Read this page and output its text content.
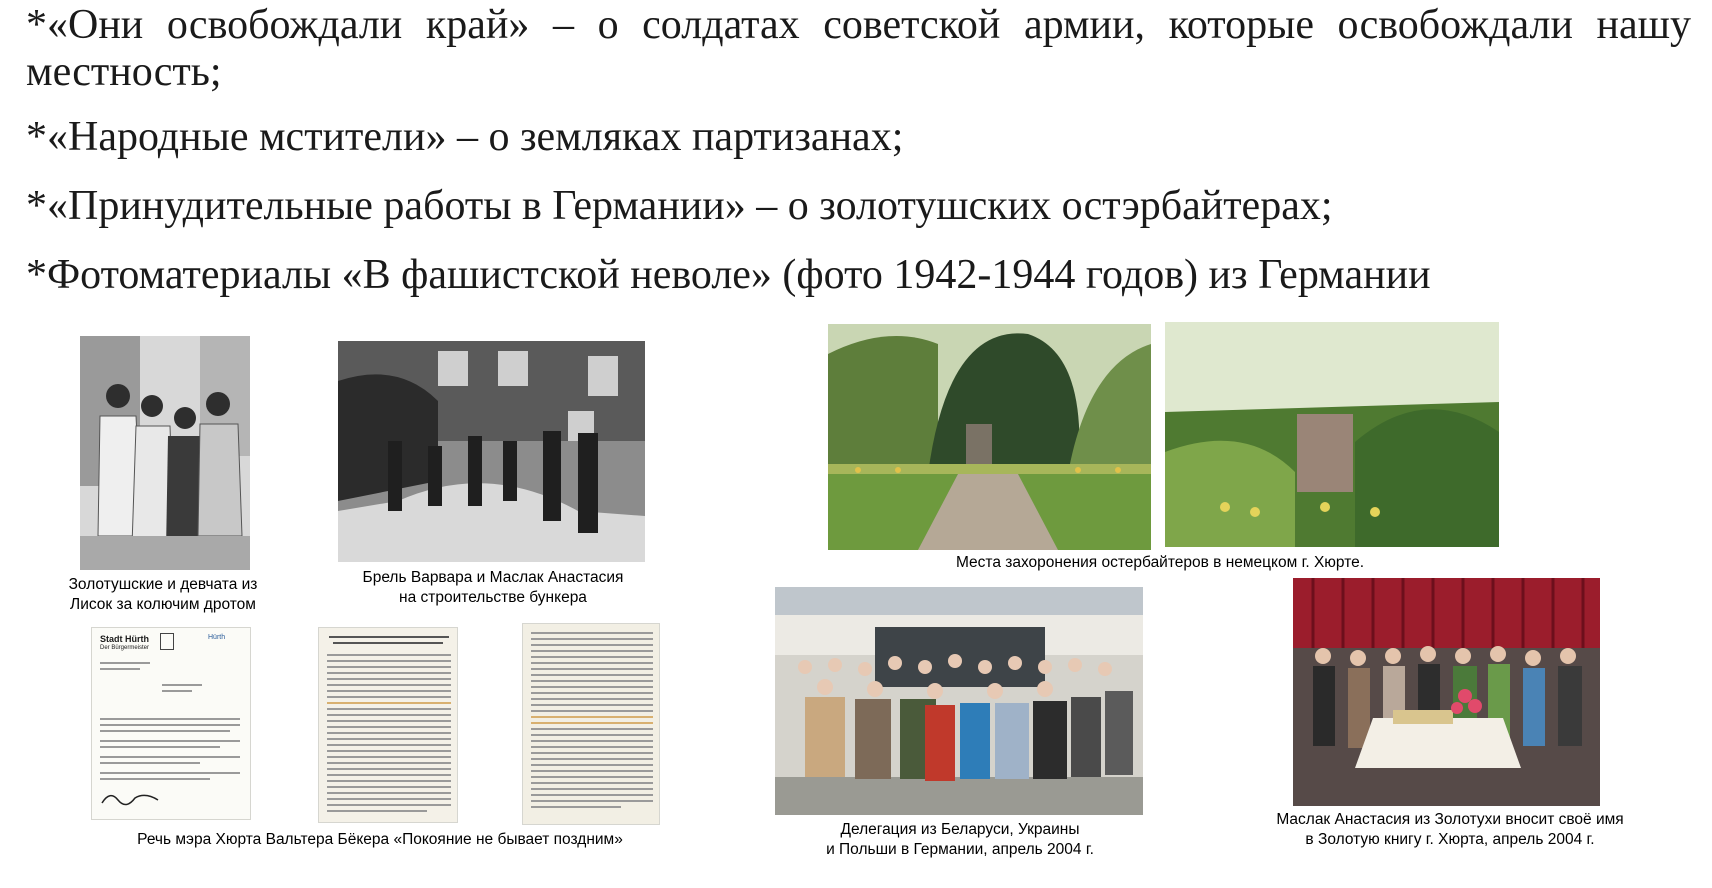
*«Они освобождали край» – о солдатах советской армии, которые освобождали нашу местность;
*«Народные мстители» – о земляках партизанах;
*«Принудительные работы в Германии» – о золотушских остэрбайтерах;
*Фотоматериалы «В фашистской неволе» (фото 1942-1944 годов) из Германии
Золотушские и девчата из
Лисок за колючим дротом
Брель Варвара и Маслак Анастасия
на строительстве бункера
Места захоронения остербайтеров в немецком г. Хюрте.
Stadt Hürth
Der Bürgermeister
Hürth
Речь мэра Хюрта Вальтера Бёкера «Покояние не бывает поздним»
Делегация из Беларуси, Украины
и Польши в Германии, апрель 2004 г.
Маслак Анастасия из Золотухи вносит своё имя
в Золотую книгу г. Хюрта, апрель 2004 г.
